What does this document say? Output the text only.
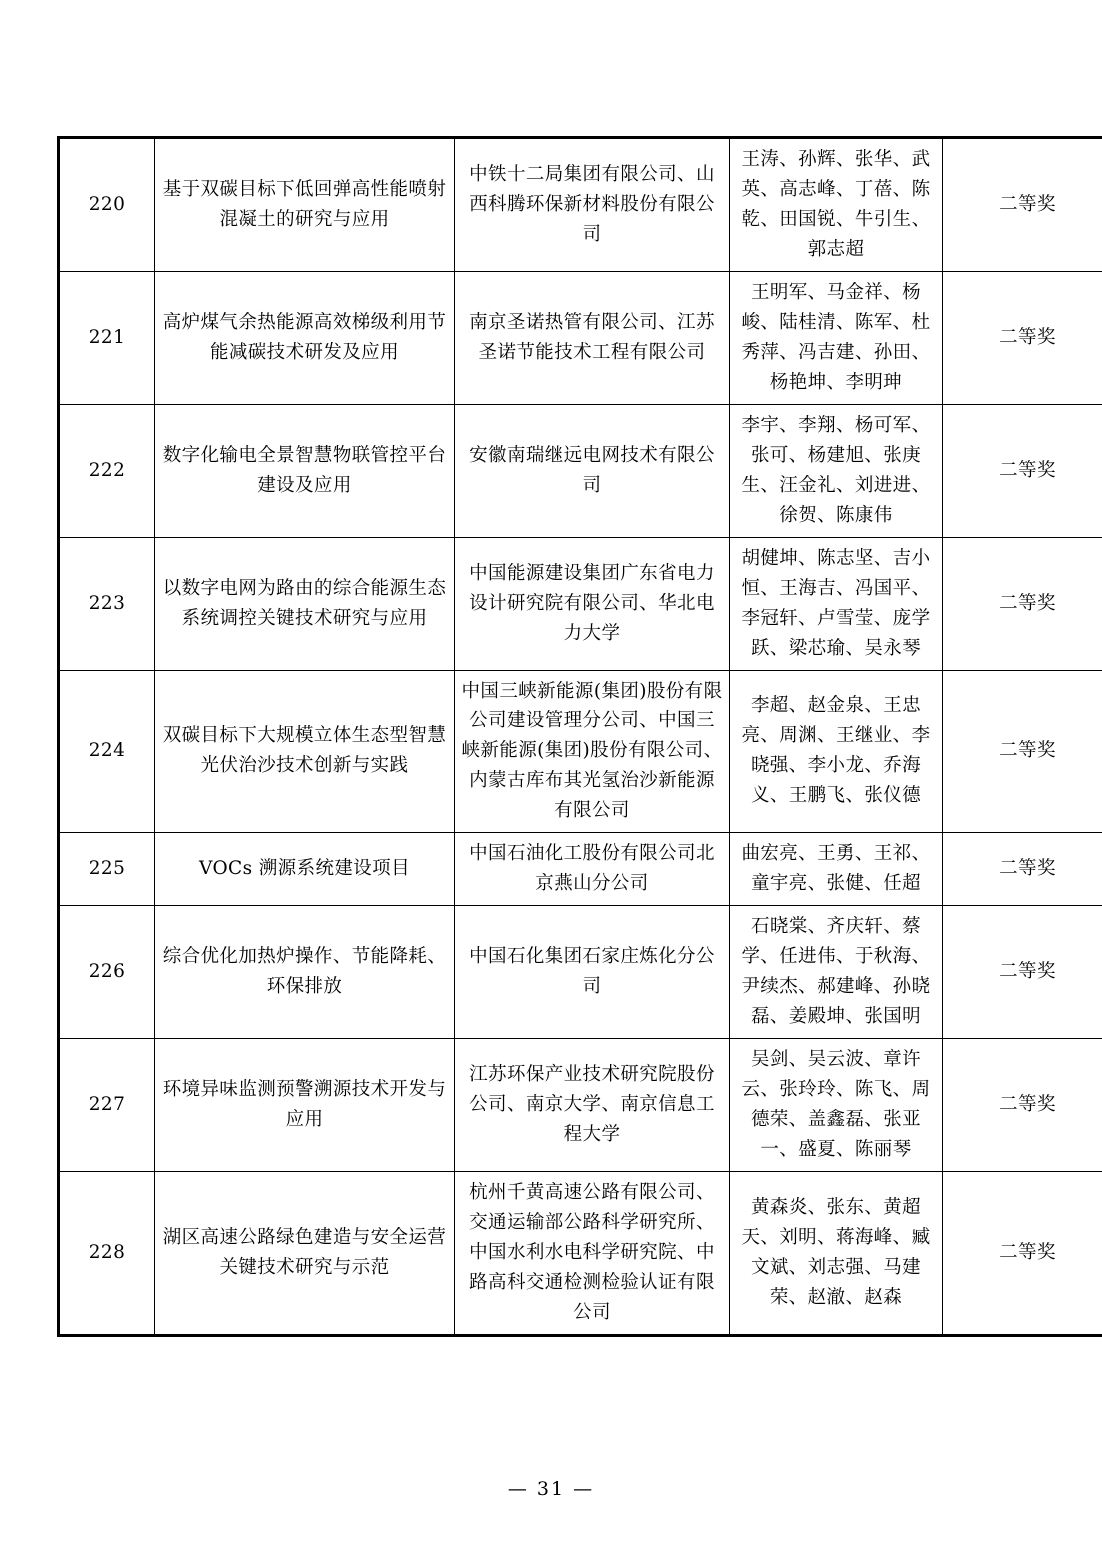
220	基于双碳目标下低回弹高性能喷射混凝土的研究与应用	中铁十二局集团有限公司、山西科腾环保新材料股份有限公司	王涛、孙辉、张华、武英、高志峰、丁蓓、陈乾、田国锐、牛引生、郭志超	二等奖

221	高炉煤气余热能源高效梯级利用节能减碳技术研发及应用	南京圣诺热管有限公司、江苏圣诺节能技术工程有限公司	王明军、马金祥、杨峻、陆桂清、陈军、杜秀萍、冯吉建、孙田、杨艳坤、李明珅	二等奖

222	数字化输电全景智慧物联管控平台建设及应用	安徽南瑞继远电网技术有限公司	李宇、李翔、杨可军、张可、杨建旭、张庚生、汪金礼、刘进进、徐贺、陈康伟	二等奖

223	以数字电网为路由的综合能源生态系统调控关键技术研究与应用	中国能源建设集团广东省电力设计研究院有限公司、华北电力大学	胡健坤、陈志坚、吉小恒、王海吉、冯国平、李冠轩、卢雪莹、庞学跃、梁芯瑜、吴永琴	二等奖

224	双碳目标下大规模立体生态型智慧光伏治沙技术创新与实践	中国三峡新能源(集团)股份有限公司建设管理分公司、中国三峡新能源(集团)股份有限公司、内蒙古库布其光氢治沙新能源有限公司	李超、赵金泉、王忠亮、周渊、王继业、李晓强、李小龙、乔海义、王鹏飞、张仪德	二等奖

225	VOCs 溯源系统建设项目	中国石油化工股份有限公司北京燕山分公司	曲宏亮、王勇、王祁、童宇亮、张健、任超	二等奖

226	综合优化加热炉操作、节能降耗、环保排放	中国石化集团石家庄炼化分公司	石晓棠、齐庆轩、蔡学、任进伟、于秋海、尹续杰、郝建峰、孙晓磊、姜殿坤、张国明	二等奖

227	环境异味监测预警溯源技术开发与应用	江苏环保产业技术研究院股份公司、南京大学、南京信息工程大学	吴剑、吴云波、章许云、张玲玲、陈飞、周德荣、盖鑫磊、张亚一、盛夏、陈丽琴	二等奖

228	湖区高速公路绿色建造与安全运营关键技术研究与示范	杭州千黄高速公路有限公司、交通运输部公路科学研究所、中国水利水电科学研究院、中路高科交通检测检验认证有限公司	黄森炎、张东、黄超天、刘明、蒋海峰、臧文斌、刘志强、马建荣、赵澈、赵森	二等奖
— 31 —
